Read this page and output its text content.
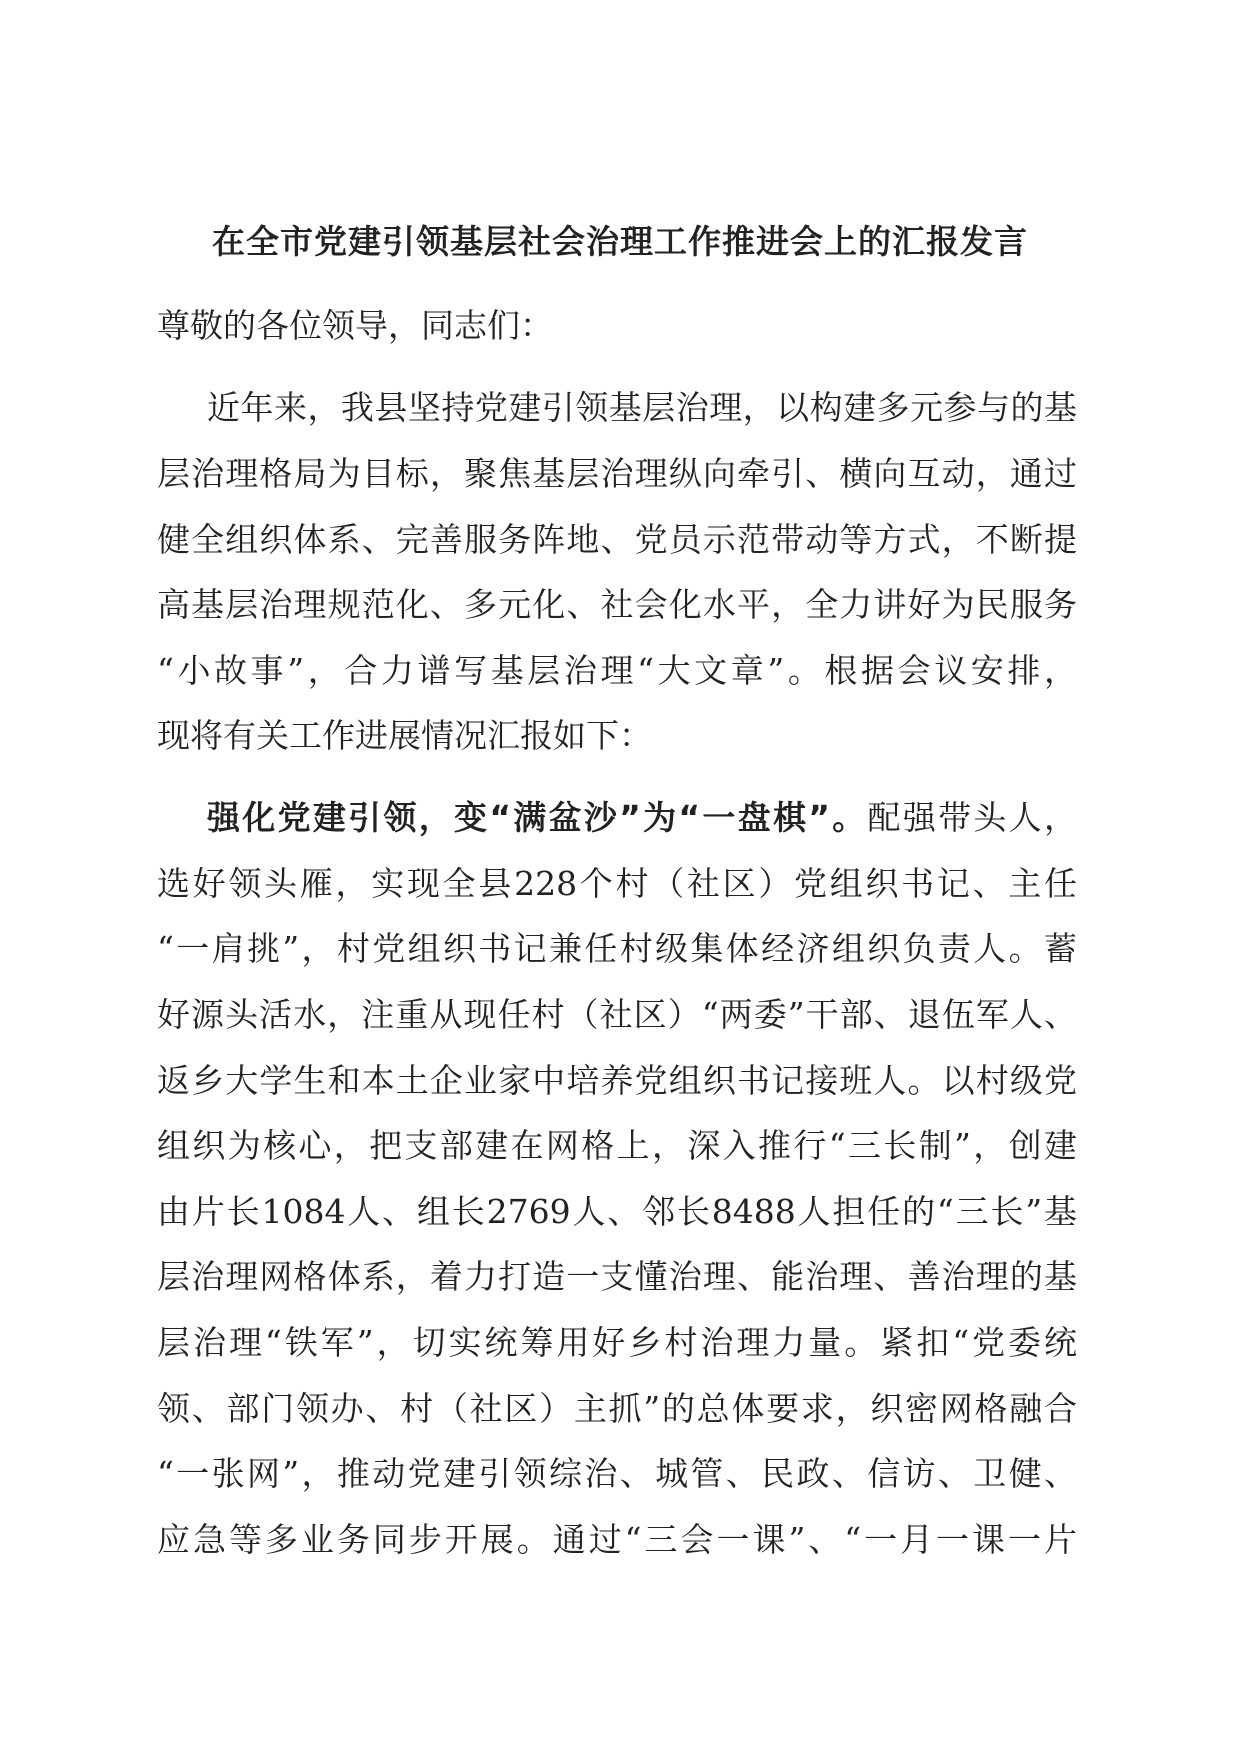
在全市党建引领基层社会治理工作推进会上的汇报发言
尊敬的各位领导，同志们：
近年来，我县坚持党建引领基层治理，以构建多元参与的基
层治理格局为目标，聚焦基层治理纵向牵引、横向互动，通过
健全组织体系、完善服务阵地、党员示范带动等方式，不断提
高基层治理规范化、多元化、社会化水平，全力讲好为民服务
“小故事”，合力谱写基层治理“大文章”。根据会议安排，
现将有关工作进展情况汇报如下：
强化党建引领，变“满盆沙”为“一盘棋”。配强带头人，
选好领头雁，实现全县228个村（社区）党组织书记、主任
“一肩挑”，村党组织书记兼任村级集体经济组织负责人。蓄
好源头活水，注重从现任村（社区）“两委”干部、退伍军人、
返乡大学生和本土企业家中培养党组织书记接班人。以村级党
组织为核心，把支部建在网格上，深入推行“三长制”，创建
由片长1084人、组长2769人、邻长8488人担任的“三长”基
层治理网格体系，着力打造一支懂治理、能治理、善治理的基
层治理“铁军”，切实统筹用好乡村治理力量。紧扣“党委统
领、部门领办、村（社区）主抓”的总体要求，织密网格融合
“一张网”，推动党建引领综治、城管、民政、信访、卫健、
应急等多业务同步开展。通过“三会一课”、“一月一课一片
